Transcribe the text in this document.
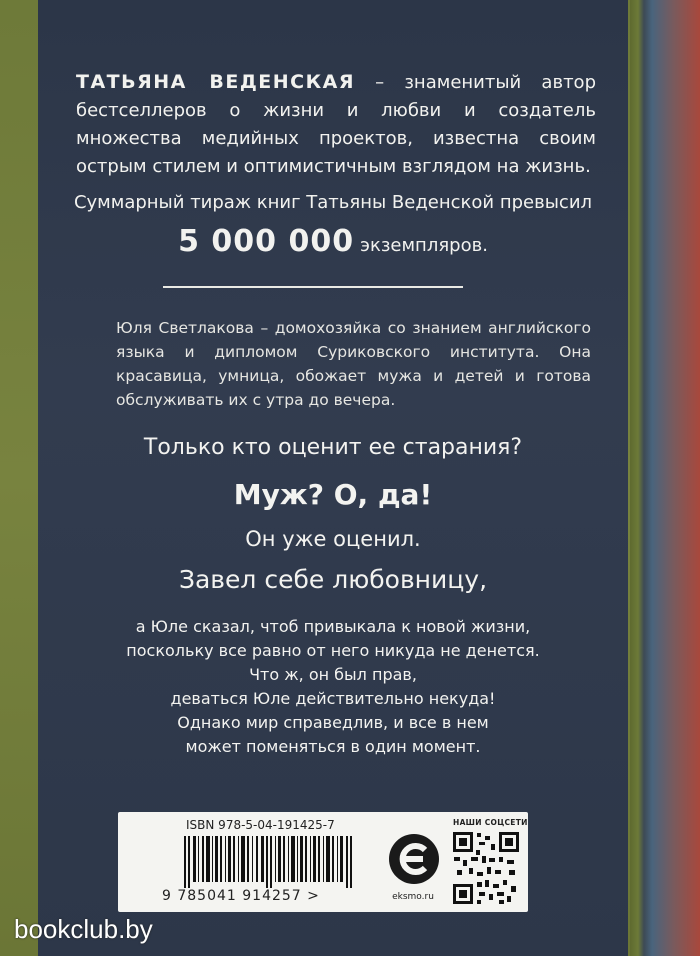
ТАТЬЯНА ВЕДЕНСКАЯ – знаменитый автор бестселлеров о жизни и любви и создатель множества медийных проектов, известна своим острым стилем и оптимистичным взглядом на жизнь.

Суммарный тираж книг Татьяны Веденской превысил

5 000 000 экземпляров.

Юля Светлакова – домохозяйка со знанием английского языка и дипломом Суриковского института. Она красавица, умница, обожает мужа и детей и готова обслуживать их с утра до вечера.

Только кто оценит ее старания?

Муж? О, да!

Он уже оценил.

Завел себе любовницу,

а Юле сказал, чтоб привыкала к новой жизни,

поскольку все равно от него никуда не денется.

Что ж, он был прав,

деваться Юле действительно некуда!

Однако мир справедлив, и все в нем

может поменяться в один момент.

ISBN 978-5-04-191425-7
9 785041 914257 >	eksmo.ru
НАШИ СОЦСЕТИ
bookclub.by
